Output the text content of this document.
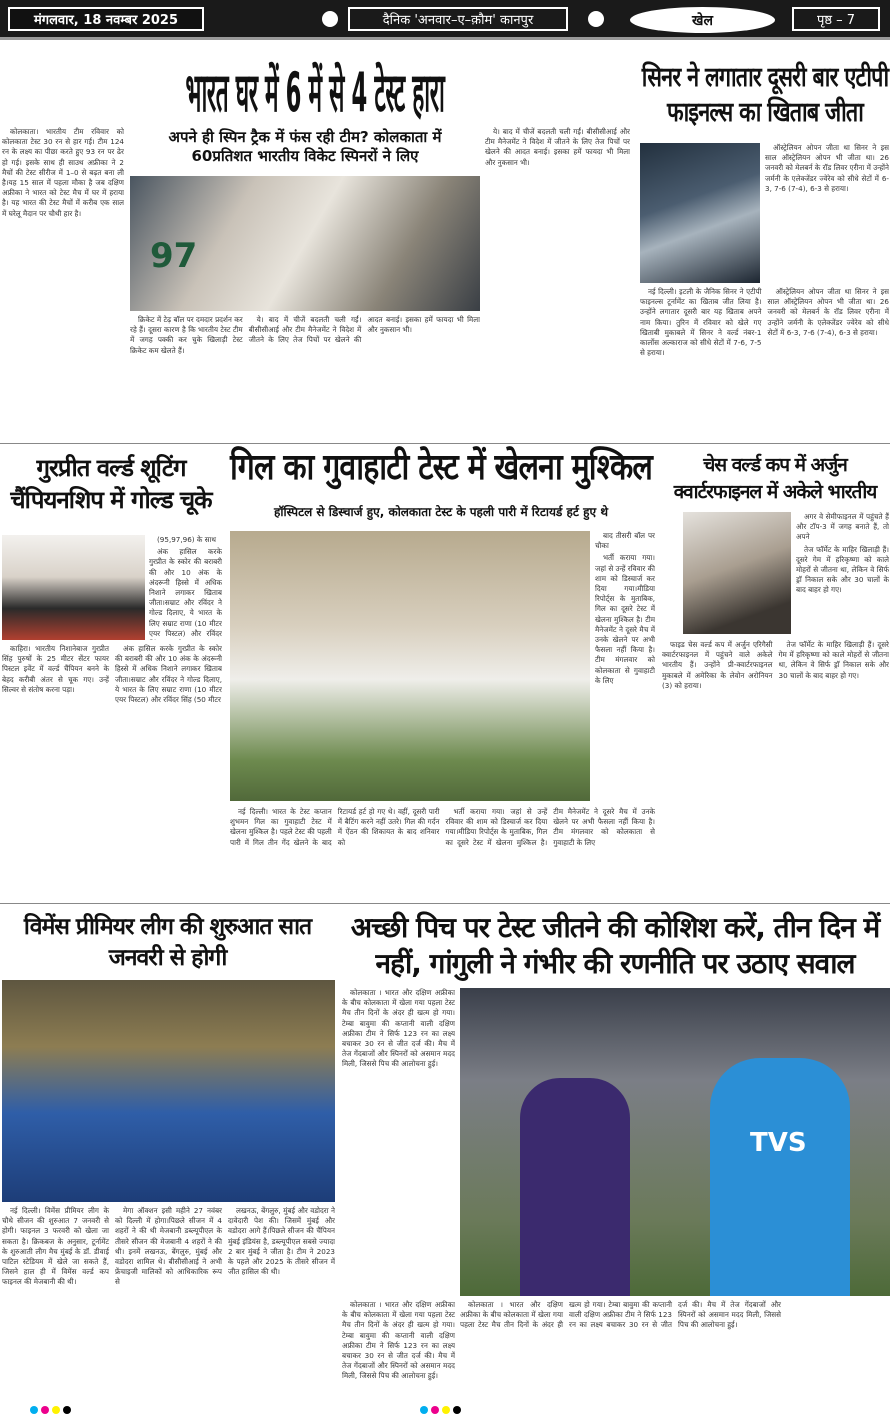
मंगलवार, 18 नवम्बर 2025	दैनिक 'अनवार–ए–क़ौम' कानपुर	खेल	पृष्ठ – 7
भारत घर में 6 में से 4 टेस्ट हारा
अपने ही स्पिन ट्रैक में फंस रही टीम? कोलकाता में 60प्रतिशत भारतीय विकेट स्पिनरों ने लिए

कोलकाता। भारतीय टीम रविवार को कोलकाता टेस्ट 30 रन से हार गई। टीम 124 रन के लक्ष्य का पीछा करते हुए 93 रन पर ढेर हो गई। इसके साथ ही साउथ अफ्रीका ने 2 मैचों की टेस्ट सीरीज में 1–0 से बढ़त बना ली है।यह 15 साल में पहला मौका है जब दक्षिण अफ्रीका ने भारत को टेस्ट मैच में घर में हराया है। यह भारत की टेस्ट मैचों में करीब एक साल में घरेलू मैदान पर चौथी हार है।

97

क्रिकेट में टेढ़ बॉल पर दमदार प्रदर्शन कर रहे हैं। दूसरा कारण है कि भारतीय टेस्ट टीम में जगह पक्की कर चुके खिलाड़ी टेस्ट क्रिकेट कम खेलते हैं।

ये। बाद में चीजें बदलती चली गईं। बीसीसीआई और टीम मैनेजमेंट ने विदेश में जीतने के लिए तेज पिचों पर खेलने की आदत बनाई। इसका हमें फायदा भी मिला और नुकसान भी।

ये। बाद में चीजें बदलती चली गईं। बीसीसीआई और टीम मैनेजमेंट ने विदेश में जीतने के लिए तेज पिचों पर खेलने की आदत बनाई। इसका हमें फायदा भी मिला और नुकसान भी।

सिनर ने लगातार दूसरी बार एटीपी फाइनल्स का खिताब जीता

ऑस्ट्रेलियन ओपन जीता था सिनर ने इस साल ऑस्ट्रेलियन ओपन भी जीता था। 26 जनवरी को मेलबर्न के रॉड लिवर एरीना में उन्होंने जर्मनी के एलेक्जेंडर ज्वेरेव को सीधे सेटों में 6-3, 7-6 (7-4), 6-3 से हराया।

नई दिल्ली। इटली के जैनिक सिनर ने एटीपी फाइनल्स टूर्नामेंट का खिताब जीत लिया है। उन्होंने लगातार दूसरी बार यह खिताब अपने नाम किया। तुरिन में रविवार को खेले गए खिताबी मुकाबले में सिनर ने वर्ल्ड नंबर-1 कार्लोस अल्काराज को सीधे सेटों में 7-6, 7-5 से हराया।

ऑस्ट्रेलियन ओपन जीता था सिनर ने इस साल ऑस्ट्रेलियन ओपन भी जीता था। 26 जनवरी को मेलबर्न के रॉड लिवर एरीना में उन्होंने जर्मनी के एलेक्जेंडर ज्वेरेव को सीधे सेटों में 6-3, 7-6 (7-4), 6-3 से हराया।

गुरप्रीत वर्ल्ड शूटिंग चैंपियनशिप में गोल्ड चूके

(95,97,96) के साथ

अंक हासिल करके गुरप्रीत के स्कोर की बराबरी की और 10 अंक के अंदरूनी हिस्से में अधिक निशाने लगाकर खिताब जीता।सम्राट और रविंदर ने गोल्ड दिलाए, ये भारत के लिए सम्राट राणा (10 मीटर एयर पिस्टल) और रविंदर

काहिरा। भारतीय निशानेबाज गुरप्रीत सिंह पुरुषों के 25 मीटर सेंटर फायर पिस्टल इवेंट में वर्ल्ड चैंपियन बनने के बेहद करीबी अंतर से चूक गए। उन्हें सिल्वर से संतोष करना पड़ा।

अंक हासिल करके गुरप्रीत के स्कोर की बराबरी की और 10 अंक के अंदरूनी हिस्से में अधिक निशाने लगाकर खिताब जीता।सम्राट और रविंदर ने गोल्ड दिलाए, ये भारत के लिए सम्राट राणा (10 मीटर एयर पिस्टल) और रविंदर सिंह (50 मीटर

गिल का गुवाहाटी टेस्ट में खेलना मुश्किल
हॉस्पिटल से डिस्चार्ज हुए, कोलकाता टेस्ट के पहली पारी में रिटायर्ड हर्ट हुए थे

बाद तीसरी बॉल पर चौका

भर्ती कराया गया। जहां से उन्हें रविवार की शाम को डिस्चार्ज कर दिया गया।मीडिया रिपोर्ट्स के मुताबिक, गिल का दूसरे टेस्ट में खेलना मुश्किल है। टीम मैनेजमेंट ने दूसरे मैच में उनके खेलने पर अभी फैसला नहीं किया है। टीम मंगलवार को कोलकाता से गुवाहाटी के लिए

नई दिल्ली। भारत के टेस्ट कप्तान शुभमन गिल का गुवाहाटी टेस्ट में खेलना मुश्किल है। पहले टेस्ट की पहली पारी में गिल तीन गेंद खेलने के बाद रिटायर्ड हर्ट हो गए थे। वहीं, दूसरी पारी में बैटिंग करने नहीं उतरे। गिल की गर्दन में ऐंठन की शिकायत के बाद शनिवार को

भर्ती कराया गया। जहां से उन्हें रविवार की शाम को डिस्चार्ज कर दिया गया।मीडिया रिपोर्ट्स के मुताबिक, गिल का दूसरे टेस्ट में खेलना मुश्किल है। टीम मैनेजमेंट ने दूसरे मैच में उनके खेलने पर अभी फैसला नहीं किया है। टीम मंगलवार को कोलकाता से गुवाहाटी के लिए

चेस वर्ल्ड कप में अर्जुन क्वार्टरफाइनल में अकेले भारतीय

अगर वे सेमीफाइनल में पहुंचते हैं और टॉप-3 में जगह बनाते हैं, तो अपने

तेज फॉर्मेट के माहिर खिलाड़ी हैं। दूसरे गेम में हरिकृष्णा को काले मोहरों से जीतना था, लेकिन वे सिर्फ ड्रॉ निकाल सके और 30 चालों के बाद बाहर हो गए।

फाइड चेस वर्ल्ड कप में अर्जुन एरिगैसी क्वार्टरफाइनल में पहुंचने वाले अकेले भारतीय हैं। उन्होंने प्री-क्वार्टरफाइनल मुकाबले में अमेरिका के लेवोन अरोनियन (3) को हराया।

तेज फॉर्मेट के माहिर खिलाड़ी हैं। दूसरे गेम में हरिकृष्णा को काले मोहरों से जीतना था, लेकिन वे सिर्फ ड्रॉ निकाल सके और 30 चालों के बाद बाहर हो गए।

विमेंस प्रीमियर लीग की शुरुआत सात जनवरी से होगी

नई दिल्ली। विमेंस प्रीमियर लीग के चौथे सीजन की शुरुआत 7 जनवरी से होगी। फाइनल 3 फरवरी को खेला जा सकता है। क्रिकबज के अनुसार, टूर्नामेंट के शुरुआती लीग मैच मुंबई के डॉ. डीवाई पाटिल स्टेडियम में खेले जा सकते हैं, जिसने हाल ही में विमेंस वर्ल्ड कप फाइनल की मेजबानी की थी।

मेगा ऑक्शन इसी महीने 27 नवंबर को दिल्ली में होगा।पिछले सीजन में 4 शहरों ने की थी मेजबानी डब्ल्यूपीएल के तीसरे सीजन की मेजबानी 4 शहरों ने की थी। इनमें लखनऊ, बेंगलुरु, मुंबई और वडोदरा शामिल थे। बीसीसीआई ने अभी फ्रेंचाइजी मालिकों को आधिकारिक रूप से

लखनऊ, बेंगलुरु, मुंबई और वडोदरा ने दावेदारी पेश की। जिसमें मुंबई और वडोदरा आगे हैं।पिछले सीजन की चैंपियन मुंबई इंडियंस है, डब्ल्यूपीएल सबसे ज्यादा 2 बार मुंबई ने जीता है। टीम ने 2023 के पहले और 2025 के तीसरे सीजन में जीत हासिल की थी।

अच्छी पिच पर टेस्ट जीतने की कोशिश करें, तीन दिन में नहीं, गांगुली ने गंभीर की रणनीति पर उठाए सवाल

कोलकाता । भारत और दक्षिण अफ्रीका के बीच कोलकाता में खेला गया पहला टेस्ट मैच तीन दिनों के अंदर ही खत्म हो गया। टेम्बा बावुमा की कप्तानी वाली दक्षिण अफ्रीका टीम ने सिर्फ 123 रन का लक्ष्य बचाकर 30 रन से जीत दर्ज की। मैच में तेज गेंदबाजों और स्पिनरों को असमान मदद मिली, जिससे पिच की आलोचना हुई।

TVS

कोलकाता । भारत और दक्षिण अफ्रीका के बीच कोलकाता में खेला गया पहला टेस्ट मैच तीन दिनों के अंदर ही खत्म हो गया। टेम्बा बावुमा की कप्तानी वाली दक्षिण अफ्रीका टीम ने सिर्फ 123 रन का लक्ष्य बचाकर 30 रन से जीत दर्ज की। मैच में तेज गेंदबाजों और स्पिनरों को असमान मदद मिली, जिससे पिच की आलोचना हुई।

कोलकाता । भारत और दक्षिण अफ्रीका के बीच कोलकाता में खेला गया पहला टेस्ट मैच तीन दिनों के अंदर ही खत्म हो गया। टेम्बा बावुमा की कप्तानी वाली दक्षिण अफ्रीका टीम ने सिर्फ 123 रन का लक्ष्य बचाकर 30 रन से जीत दर्ज की। मैच में तेज गेंदबाजों और स्पिनरों को असमान मदद मिली, जिससे पिच की आलोचना हुई।
